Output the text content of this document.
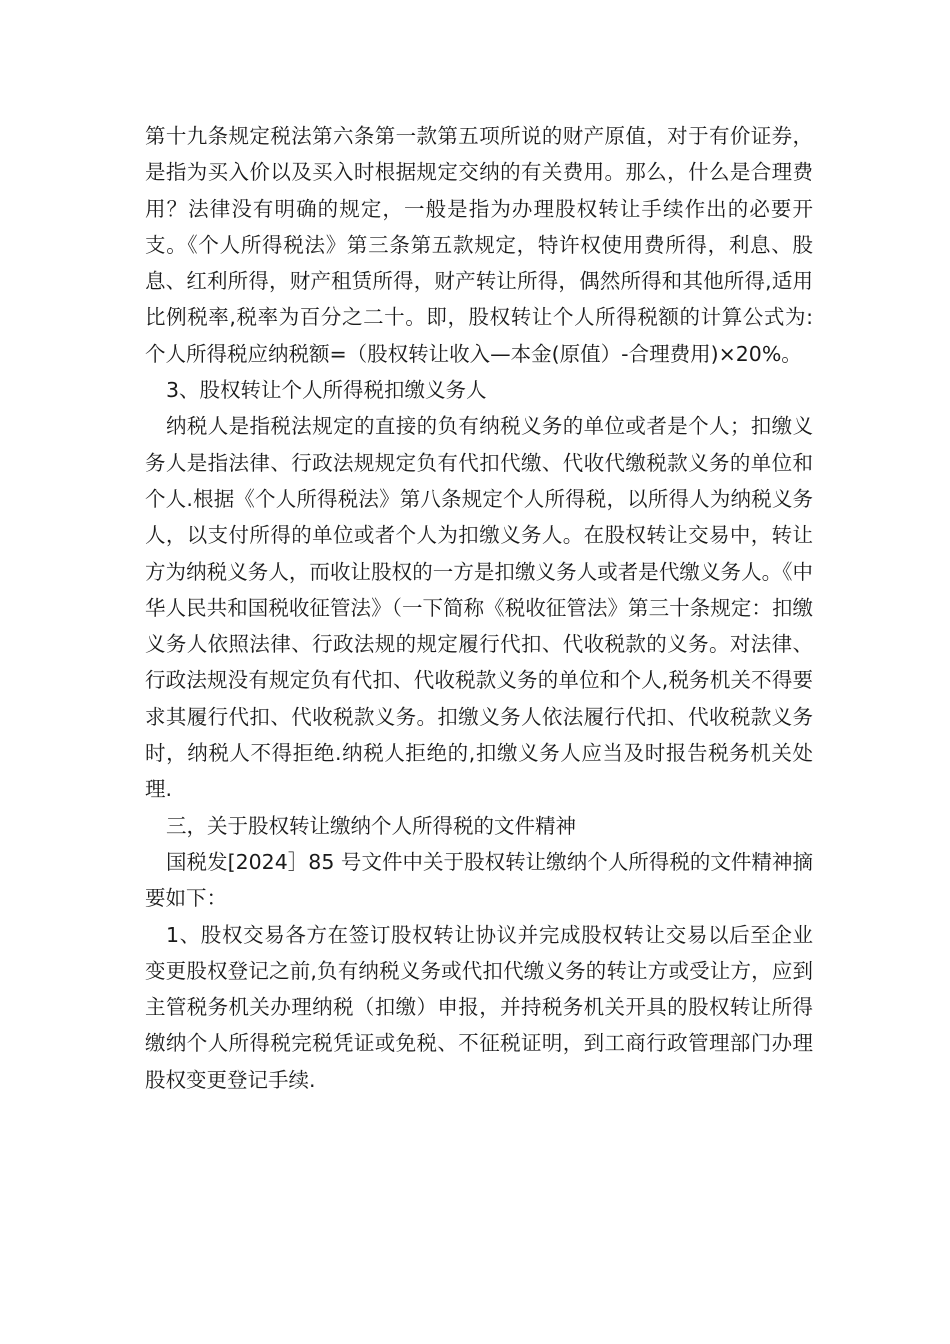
第十九条规定税法第六条第一款第五项所说的财产原值，对于有价证券，是指为买入价以及买入时根据规定交纳的有关费用。那么，什么是合理费用？法律没有明确的规定，一般是指为办理股权转让手续作出的必要开支。《个人所得税法》第三条第五款规定，特许权使用费所得，利息、股息、红利所得，财产租赁所得，财产转让所得，偶然所得和其他所得,适用比例税率,税率为百分之二十。即，股权转让个人所得税额的计算公式为:个人所得税应纳税额=（股权转让收入—本金(原值）-合理费用)×20%。

3、股权转让个人所得税扣缴义务人

纳税人是指税法规定的直接的负有纳税义务的单位或者是个人；扣缴义务人是指法律、行政法规规定负有代扣代缴、代收代缴税款义务的单位和个人.根据《个人所得税法》第八条规定个人所得税，以所得人为纳税义务人，以支付所得的单位或者个人为扣缴义务人。在股权转让交易中，转让方为纳税义务人，而收让股权的一方是扣缴义务人或者是代缴义务人。《中华人民共和国税收征管法》（一下简称《税收征管法》第三十条规定：扣缴义务人依照法律、行政法规的规定履行代扣、代收税款的义务。对法律、行政法规没有规定负有代扣、代收税款义务的单位和个人,税务机关不得要求其履行代扣、代收税款义务。扣缴义务人依法履行代扣、代收税款义务时，纳税人不得拒绝.纳税人拒绝的,扣缴义务人应当及时报告税务机关处理.

三，关于股权转让缴纳个人所得税的文件精神

国税发[2024］85 号文件中关于股权转让缴纳个人所得税的文件精神摘要如下：

1、股权交易各方在签订股权转让协议并完成股权转让交易以后至企业变更股权登记之前,负有纳税义务或代扣代缴义务的转让方或受让方，应到主管税务机关办理纳税（扣缴）申报，并持税务机关开具的股权转让所得缴纳个人所得税完税凭证或免税、不征税证明，到工商行政管理部门办理股权变更登记手续.
